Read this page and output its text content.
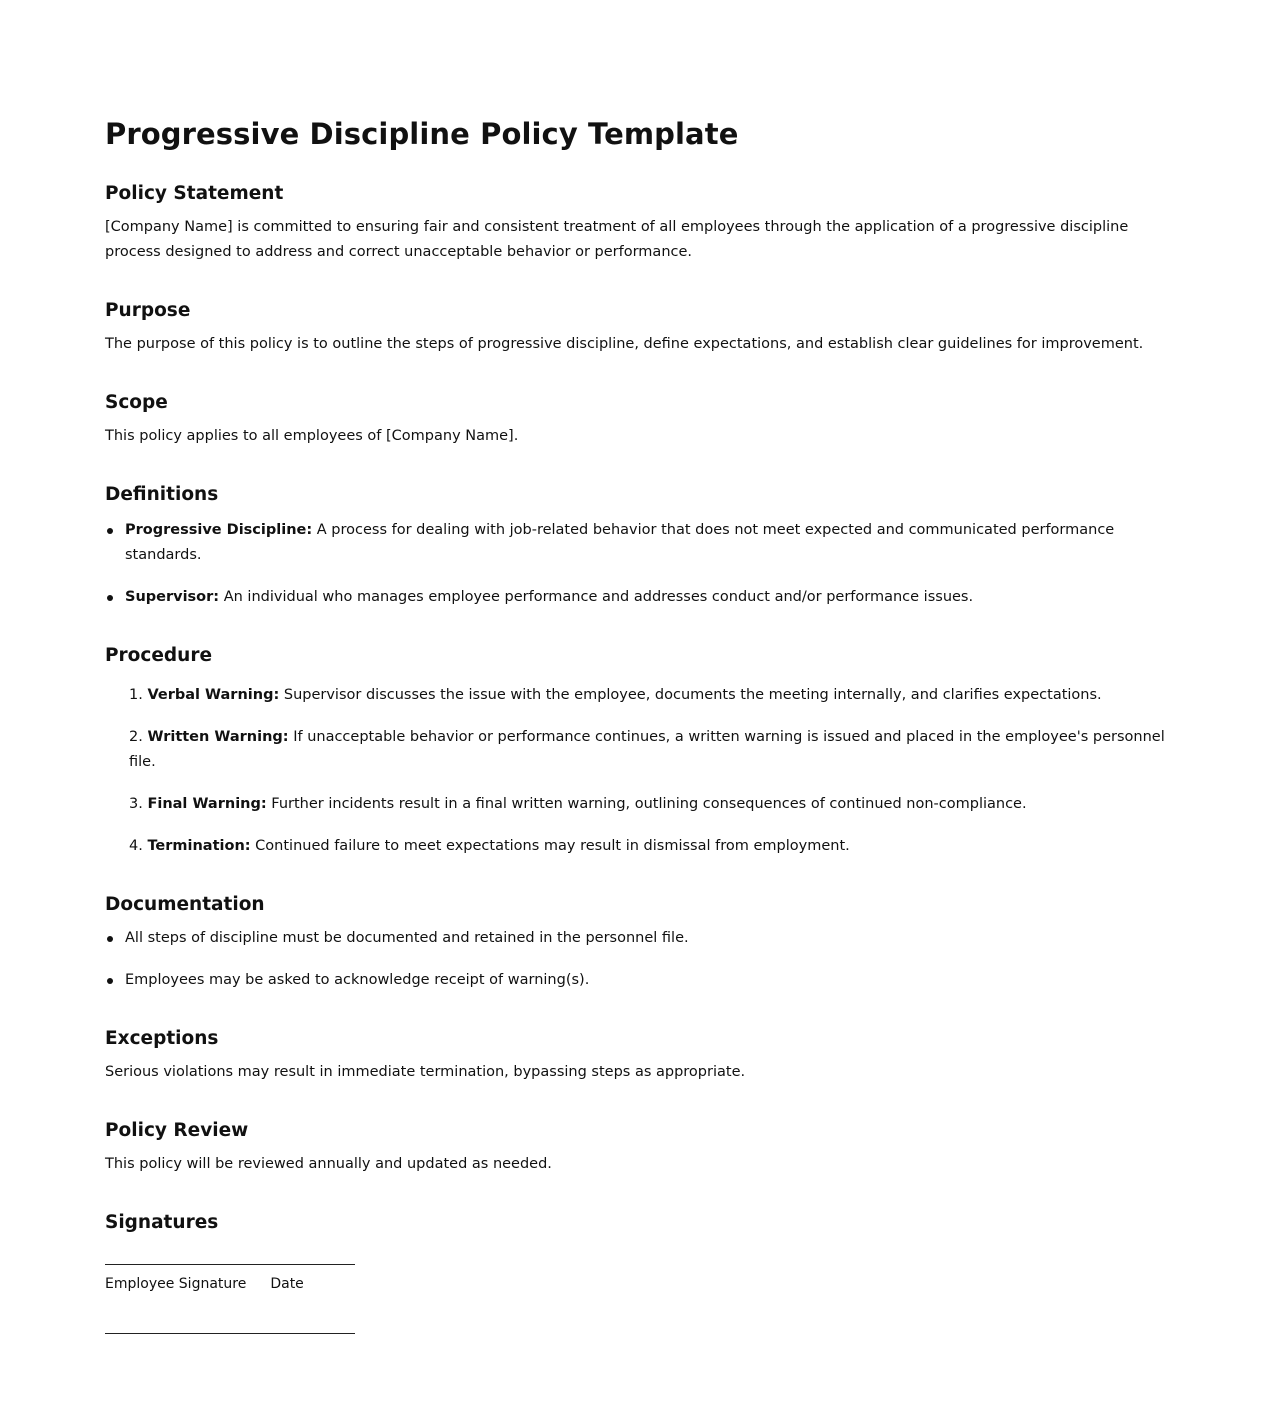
Progressive Discipline Policy Template
Policy Statement

[Company Name] is committed to ensuring fair and consistent treatment of all employees through the application of a progressive discipline process designed to address and correct unacceptable behavior or performance.

Purpose

The purpose of this policy is to outline the steps of progressive discipline, define expectations, and establish clear guidelines for improvement.

Scope

This policy applies to all employees of [Company Name].

Definitions
Progressive Discipline: A process for dealing with job-related behavior that does not meet expected and communicated performance standards.
Supervisor: An individual who manages employee performance and addresses conduct and/or performance issues.
Procedure
1. Verbal Warning: Supervisor discusses the issue with the employee, documents the meeting internally, and clarifies expectations.
2. Written Warning: If unacceptable behavior or performance continues, a written warning is issued and placed in the employee's personnel file.
3. Final Warning: Further incidents result in a final written warning, outlining consequences of continued non-compliance.
4. Termination: Continued failure to meet expectations may result in dismissal from employment.
Documentation
All steps of discipline must be documented and retained in the personnel file.
Employees may be asked to acknowledge receipt of warning(s).
Exceptions

Serious violations may result in immediate termination, bypassing steps as appropriate.

Policy Review

This policy will be reviewed annually and updated as needed.

Signatures
Employee Signature Date
